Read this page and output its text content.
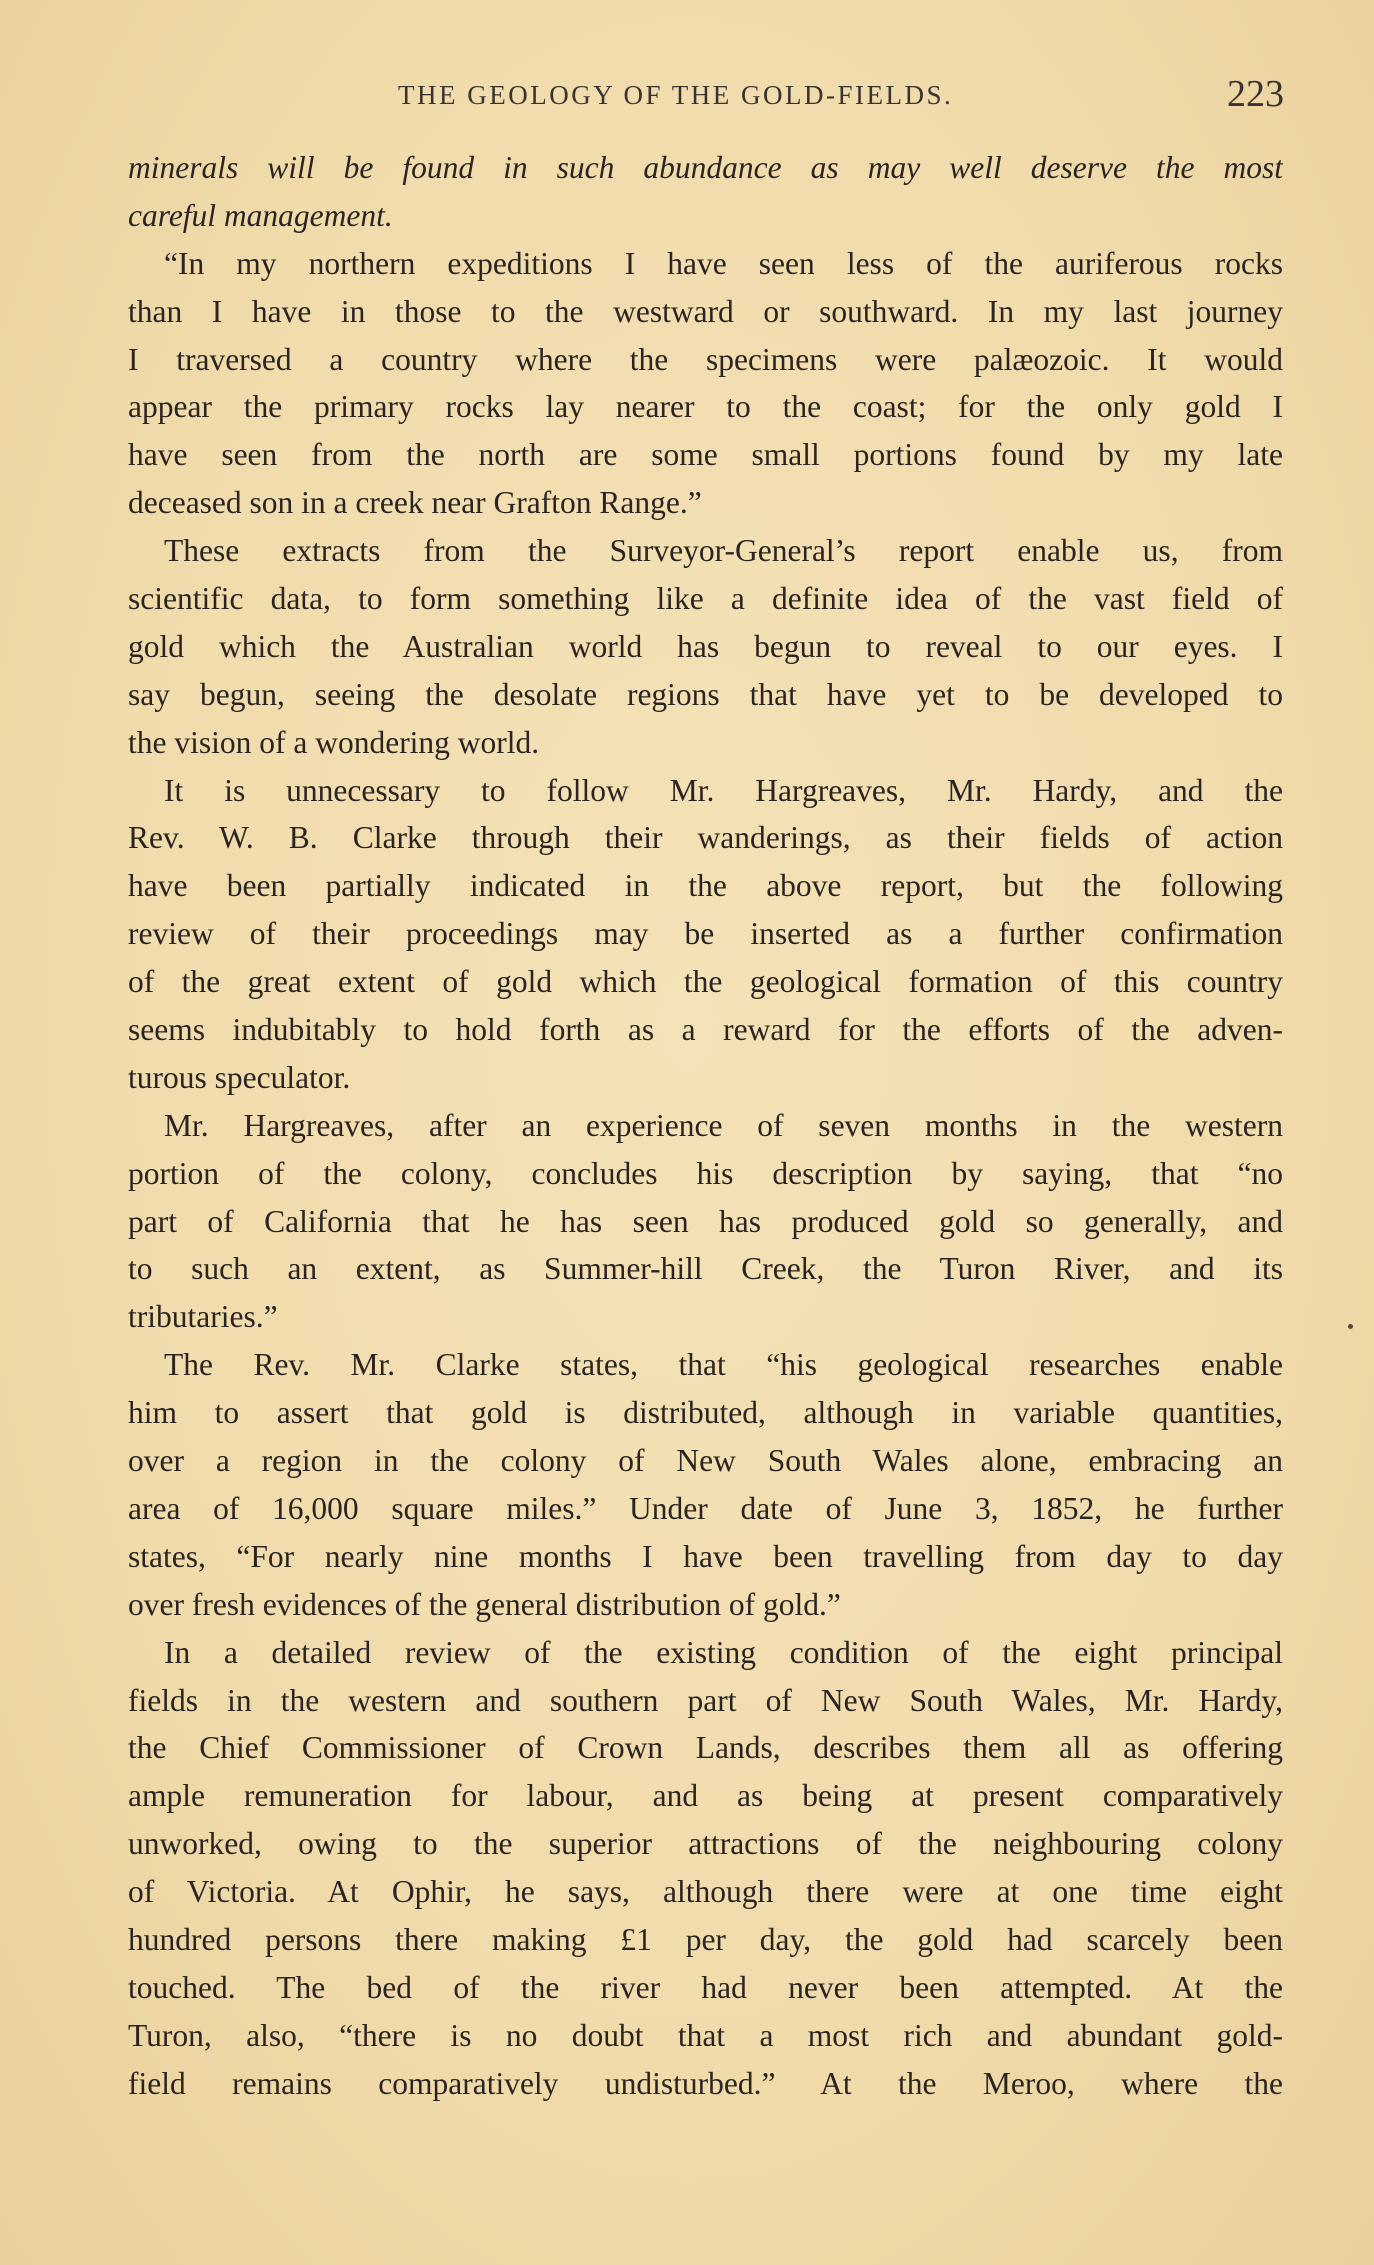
THE GEOLOGY OF THE GOLD-FIELDS.	223
minerals will be found in such abundance as may well deserve the most
careful management.
“In my northern expeditions I have seen less of the auriferous rocks
than I have in those to the westward or southward. In my last journey
I traversed a country where the specimens were palæozoic. It would
appear the primary rocks lay nearer to the coast; for the only gold I
have seen from the north are some small portions found by my late
deceased son in a creek near Grafton Range.”
These extracts from the Surveyor-General’s report enable us, from
scientific data, to form something like a definite idea of the vast field of
gold which the Australian world has begun to reveal to our eyes. I
say begun, seeing the desolate regions that have yet to be developed to
the vision of a wondering world.
It is unnecessary to follow Mr. Hargreaves, Mr. Hardy, and the
Rev. W. B. Clarke through their wanderings, as their fields of action
have been partially indicated in the above report, but the following
review of their proceedings may be inserted as a further confirmation
of the great extent of gold which the geological formation of this country
seems indubitably to hold forth as a reward for the efforts of the adven-
turous speculator.
Mr. Hargreaves, after an experience of seven months in the western
portion of the colony, concludes his description by saying, that “no
part of California that he has seen has produced gold so generally, and
to such an extent, as Summer-hill Creek, the Turon River, and its
tributaries.”
The Rev. Mr. Clarke states, that “his geological researches enable
him to assert that gold is distributed, although in variable quantities,
over a region in the colony of New South Wales alone, embracing an
area of 16,000 square miles.” Under date of June 3, 1852, he further
states, “For nearly nine months I have been travelling from day to day
over fresh evidences of the general distribution of gold.”
In a detailed review of the existing condition of the eight principal
fields in the western and southern part of New South Wales, Mr. Hardy,
the Chief Commissioner of Crown Lands, describes them all as offering
ample remuneration for labour, and as being at present comparatively
unworked, owing to the superior attractions of the neighbouring colony
of Victoria. At Ophir, he says, although there were at one time eight
hundred persons there making £1 per day, the gold had scarcely been
touched. The bed of the river had never been attempted. At the
Turon, also, “there is no doubt that a most rich and abundant gold-
field remains comparatively undisturbed.” At the Meroo, where the
